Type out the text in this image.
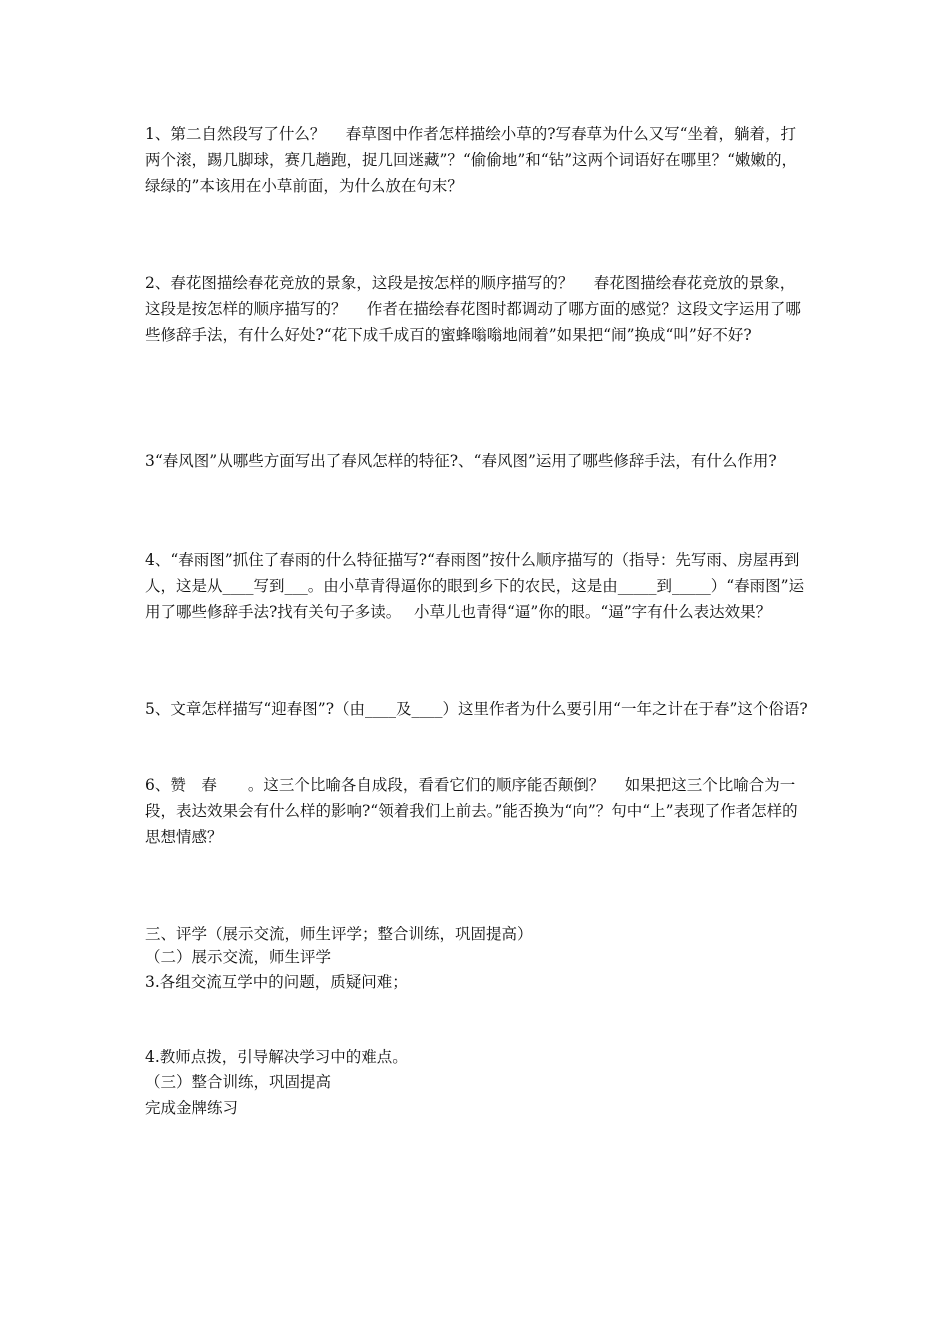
1、第二自然段写了什么？　 春草图中作者怎样描绘小草的?写春草为什么又写“坐着，躺着，打两个滚，踢几脚球，赛几趟跑，捉几回迷藏”？“偷偷地”和“钻”这两个词语好在哪里？“嫩嫩的，绿绿的”本该用在小草前面，为什么放在句末？

2、春花图描绘春花竞放的景象，这段是按怎样的顺序描写的？　 春花图描绘春花竞放的景象，这段是按怎样的顺序描写的？　 作者在描绘春花图时都调动了哪方面的感觉？这段文字运用了哪些修辞手法，有什么好处?“花下成千成百的蜜蜂嗡嗡地闹着”如果把“闹”换成“叫”好不好?

3“春风图”从哪些方面写出了春风怎样的特征?、“春风图”运用了哪些修辞手法，有什么作用?

4、“春雨图”抓住了春雨的什么特征描写?“春雨图”按什么顺序描写的（指导：先写雨、房屋再到人，这是从____写到___。由小草青得逼你的眼到乡下的农民，这是由_____到_____）“春雨图”运用了哪些修辞手法?找有关句子多读。　 小草儿也青得“逼”你的眼。“逼”字有什么表达效果？

5、文章怎样描写“迎春图”?（由____及____）这里作者为什么要引用“一年之计在于春”这个俗语?

6、赞　春　　。这三个比喻各自成段，看看它们的顺序能否颠倒？　 如果把这三个比喻合为一段，表达效果会有什么样的影响?“领着我们上前去。”能否换为“向”？句中“上”表现了作者怎样的思想情感？

三、评学（展示交流，师生评学；整合训练，巩固提高）

（二）展示交流，师生评学

3.各组交流互学中的问题，质疑问难；

4.教师点拨，引导解决学习中的难点。

（三）整合训练，巩固提高

完成金牌练习
